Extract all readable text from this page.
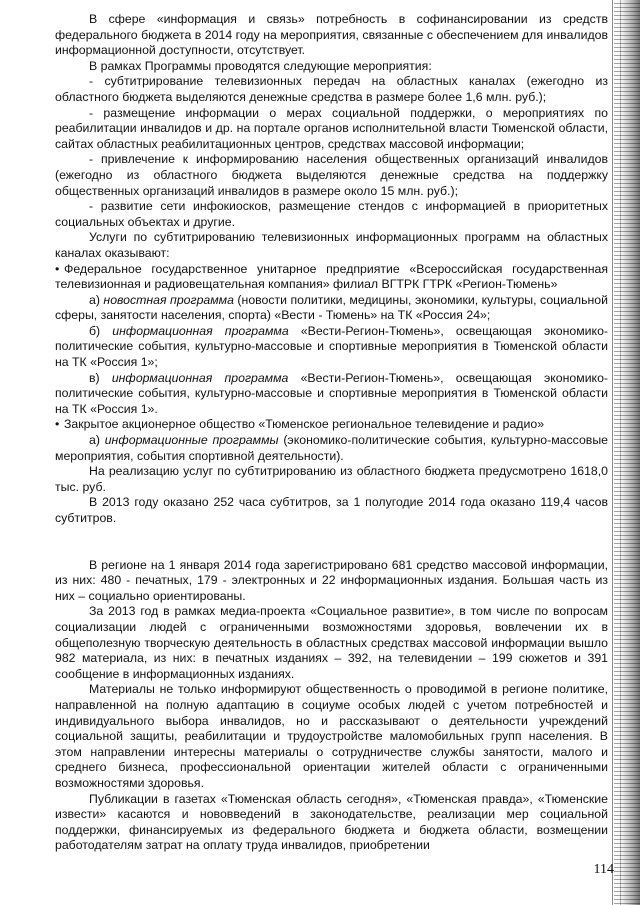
В сфере «информация и связь» потребность в софинансировании из средств федерального бюджета в 2014 году на мероприятия, связанные с обеспечением для инвалидов информационной доступности, отсутствует.

В рамках Программы проводятся следующие мероприятия:

- субтитрирование телевизионных передач на областных каналах (ежегодно из областного бюджета выделяются денежные средства в размере более 1,6 млн. руб.);

- размещение информации о мерах социальной поддержки, о мероприятиях по реабилитации инвалидов и др. на портале органов исполнительной власти Тюменской области, сайтах областных реабилитационных центров, средствах массовой информации;

- привлечение к информированию населения общественных организаций инвалидов (ежегодно из областного бюджета выделяются денежные средства на поддержку общественных организаций инвалидов в размере около 15 млн. руб.);

- развитие сети инфокиосков, размещение стендов с информацией в приоритетных социальных объектах и другие.

Услуги по субтитрированию телевизионных информационных программ на областных каналах оказывают:

• Федеральное государственное унитарное предприятие «Всероссийская государственная телевизионная и радиовещательная компания» филиал ВГТРК ГТРК «Регион-Тюмень»

а) новостная программа (новости политики, медицины, экономики, культуры, социальной сферы, занятости населения, спорта) «Вести - Тюмень» на ТК «Россия 24»;

б) информационная программа «Вести-Регион-Тюмень», освещающая экономико-политические события, культурно-массовые и спортивные мероприятия в Тюменской области на ТК «Россия 1»;

в) информационная программа «Вести-Регион-Тюмень», освещающая экономико-политические события, культурно-массовые и спортивные мероприятия в Тюменской области на ТК «Россия 1».

• Закрытое акционерное общество «Тюменское региональное телевидение и радио»

а) информационные программы (экономико-политические события, культурно-массовые мероприятия, события спортивной деятельности).

На реализацию услуг по субтитрированию из областного бюджета предусмотрено 1618,0 тыс. руб.

В 2013 году оказано 252 часа субтитров, за 1 полугодие 2014 года оказано 119,4 часов субтитров.

В регионе на 1 января 2014 года зарегистрировано 681 средство массовой информации, из них: 480 - печатных, 179 - электронных и 22 информационных издания. Большая часть из них – социально ориентированы.

За 2013 год в рамках медиа-проекта «Социальное развитие», в том числе по вопросам социализации людей с ограниченными возможностями здоровья, вовлечении их в общеполезную творческую деятельность в областных средствах массовой информации вышло 982 материала, из них: в печатных изданиях – 392, на телевидении – 199 сюжетов и 391 сообщение в информационных изданиях.

Материалы не только информируют общественность о проводимой в регионе политике, направленной на полную адаптацию в социуме особых людей с учетом потребностей и индивидуального выбора инвалидов, но и рассказывают о деятельности учреждений социальной защиты, реабилитации и трудоустройстве маломобильных групп населения. В этом направлении интересны материалы о сотрудничестве службы занятости, малого и среднего бизнеса, профессиональной ориентации жителей области с ограниченными возможностями здоровья.

Публикации в газетах «Тюменская область сегодня», «Тюменская правда», «Тюменские извести» касаются и нововведений в законодательстве, реализации мер социальной поддержки, финансируемых из федерального бюджета и бюджета области, возмещении работодателям затрат на оплату труда инвалидов, приобретении

114
